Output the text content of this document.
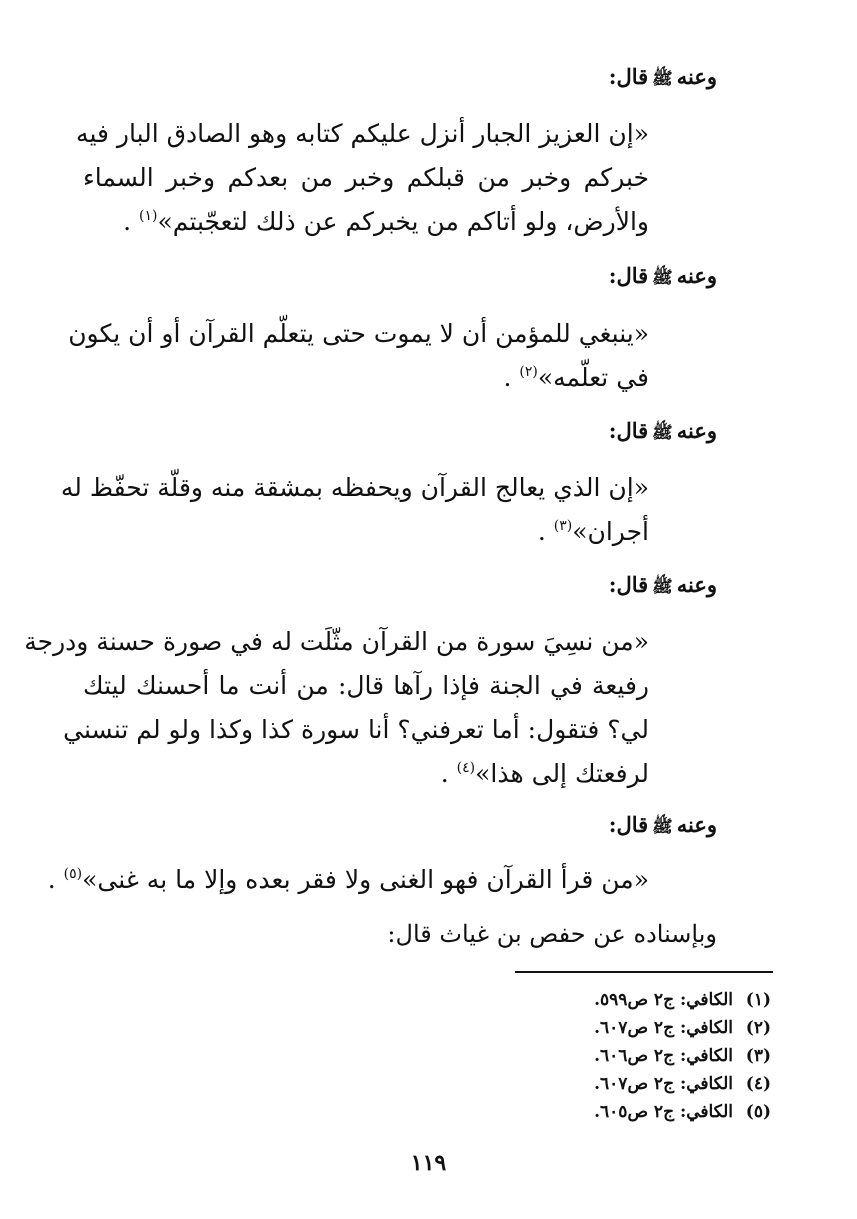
وعنهﷺقال:
«إن العزيز الجبار أنزل عليكم كتابه وهو الصادق البار فيه
خبركم وخبر من قبلكم وخبر من بعدكم وخبر السماء
والأرض، ولو أتاكم من يخبركم عن ذلك لتعجّبتم»$^{(١)}$ .
وعنهﷺقال:
«ينبغي للمؤمن أن لا يموت حتى يتعلّم القرآن أو أن يكون
في تعلّمه»$^{(٢)}$ .
وعنهﷺقال:
«إن الذي يعالج القرآن ويحفظه بمشقة منه وقلّة تحفّظ له
أجران»$^{(٣)}$ .
وعنهﷺقال:
«من نسِيَ سورة من القرآن مثّلَت له في صورة حسنة ودرجة
رفيعة في الجنة فإذا رآها قال: من أنت ما أحسنك ليتك
لي؟ فتقول: أما تعرفني؟ أنا سورة كذا وكذا ولو لم تنسني
لرفعتك إلى هذا»$^{(٤)}$ .
وعنهﷺقال:
«من قرأ القرآن فهو الغنى ولا فقر بعده وإلا ما به غنى»$^{(٥)}$ .
وبإسناده عن حفص بن غياث قال:
(١)الكافي: ج٢ ص٥٩٩.
(٢)الكافي: ج٢ ص٦٠٧.
(٣)الكافي: ج٢ ص٦٠٦.
(٤)الكافي: ج٢ ص٦٠٧.
(٥)الكافي: ج٢ ص٦٠٥.
١١٩
